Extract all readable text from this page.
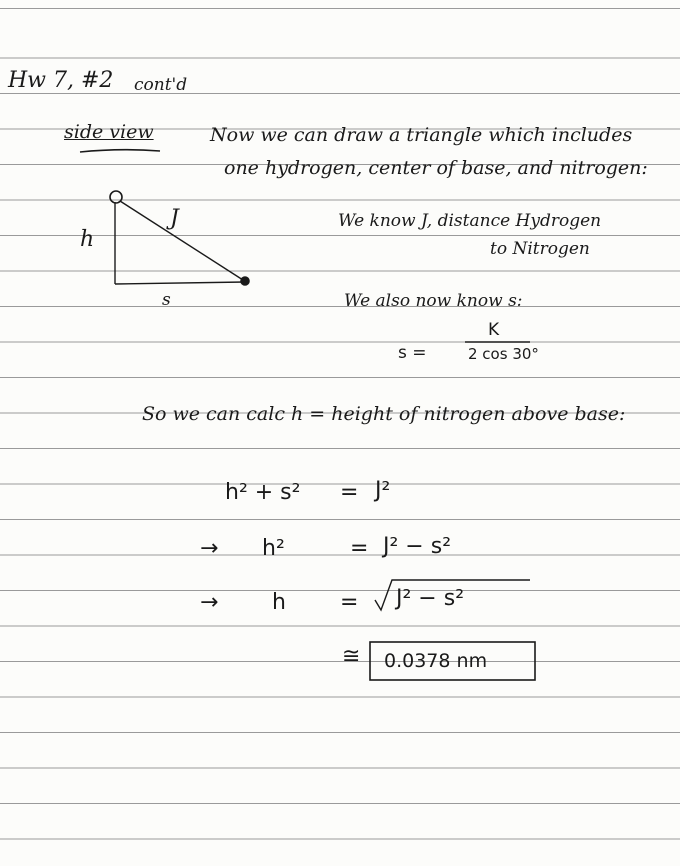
Hw 7, #2 cont'd
side view
J
h
s
Now we can draw a triangle which includes
one hydrogen, center of base, and nitrogen:
We know J, distance Hydrogen
to Nitrogen
We also now know s:
s =
K
2 cos 30°
So we can calc h = height of nitrogen above base:
h² + s² = J²
→ h²	= J² − s²
→ h = J² − s²
≅ 0.0378 nm
